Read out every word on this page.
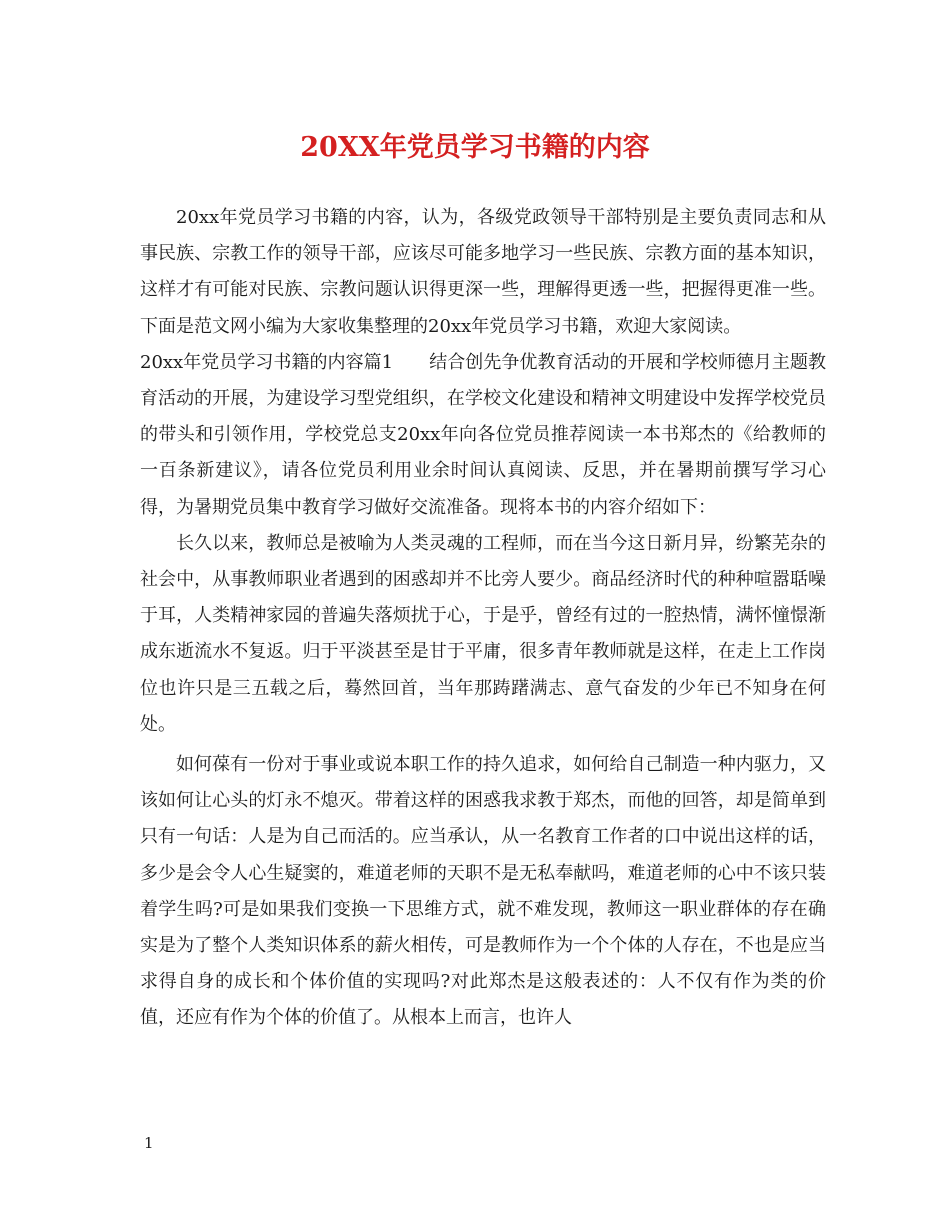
20XX年党员学习书籍的内容

20xx年党员学习书籍的内容，认为，各级党政领导干部特别是主要负责同志和从事民族、宗教工作的领导干部，应该尽可能多地学习一些民族、宗教方面的基本知识，这样才有可能对民族、宗教问题认识得更深一些，理解得更透一些，把握得更准一些。 下面是范文网小编为大家收集整理的20xx年党员学习书籍，欢迎大家阅读。

20xx年党员学习书籍的内容篇1　　结合创先争优教育活动的开展和学校师德月主题教育活动的开展，为建设学习型党组织，在学校文化建设和精神文明建设中发挥学校党员的带头和引领作用，学校党总支20xx年向各位党员推荐阅读一本书郑杰的《给教师的一百条新建议》，请各位党员利用业余时间认真阅读、反思，并在暑期前撰写学习心得，为暑期党员集中教育学习做好交流准备。现将本书的内容介绍如下：

长久以来，教师总是被喻为人类灵魂的工程师，而在当今这日新月异，纷繁芜杂的社会中，从事教师职业者遇到的困惑却并不比旁人要少。商品经济时代的种种喧嚣聒噪于耳，人类精神家园的普遍失落烦扰于心，于是乎，曾经有过的一腔热情，满怀憧憬渐成东逝流水不复返。归于平淡甚至是甘于平庸，很多青年教师就是这样，在走上工作岗位也许只是三五载之后，蓦然回首，当年那踌躇满志、意气奋发的少年已不知身在何处。

如何葆有一份对于事业或说本职工作的持久追求，如何给自己制造一种内驱力，又该如何让心头的灯永不熄灭。带着这样的困惑我求教于郑杰，而他的回答，却是简单到只有一句话：人是为自己而活的。应当承认，从一名教育工作者的口中说出这样的话，多少是会令人心生疑窦的，难道老师的天职不是无私奉献吗，难道老师的心中不该只装着学生吗?可是如果我们变换一下思维方式，就不难发现，教师这一职业群体的存在确实是为了整个人类知识体系的薪火相传，可是教师作为一个个体的人存在，不也是应当求得自身的成长和个体价值的实现吗?对此郑杰是这般表述的：人不仅有作为类的价值，还应有作为个体的价值了。从根本上而言，也许人

1
